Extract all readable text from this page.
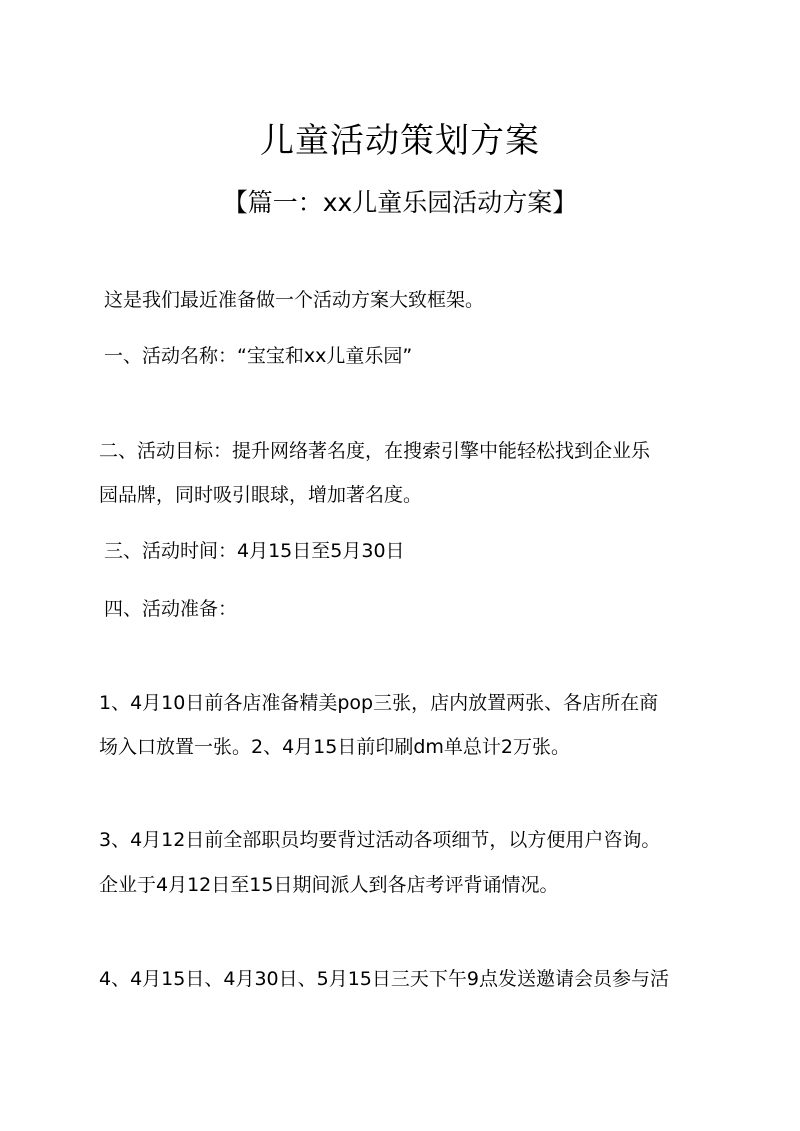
儿童活动策划方案
【篇一：xx儿童乐园活动方案】
这是我们最近准备做一个活动方案大致框架。
一、活动名称：“宝宝和xx儿童乐园”
二、活动目标：提升网络著名度，在搜索引擎中能轻松找到企业乐
园品牌，同时吸引眼球，增加著名度。
三、活动时间：4月15日至5月30日
四、活动准备：
1、4月10日前各店准备精美pop三张，店内放置两张、各店所在商
场入口放置一张。2、4月15日前印刷dm单总计2万张。
3、4月12日前全部职员均要背过活动各项细节，以方便用户咨询。
企业于4月12日至15日期间派人到各店考评背诵情况。
4、4月15日、4月30日、5月15日三天下午9点发送邀请会员参与活
